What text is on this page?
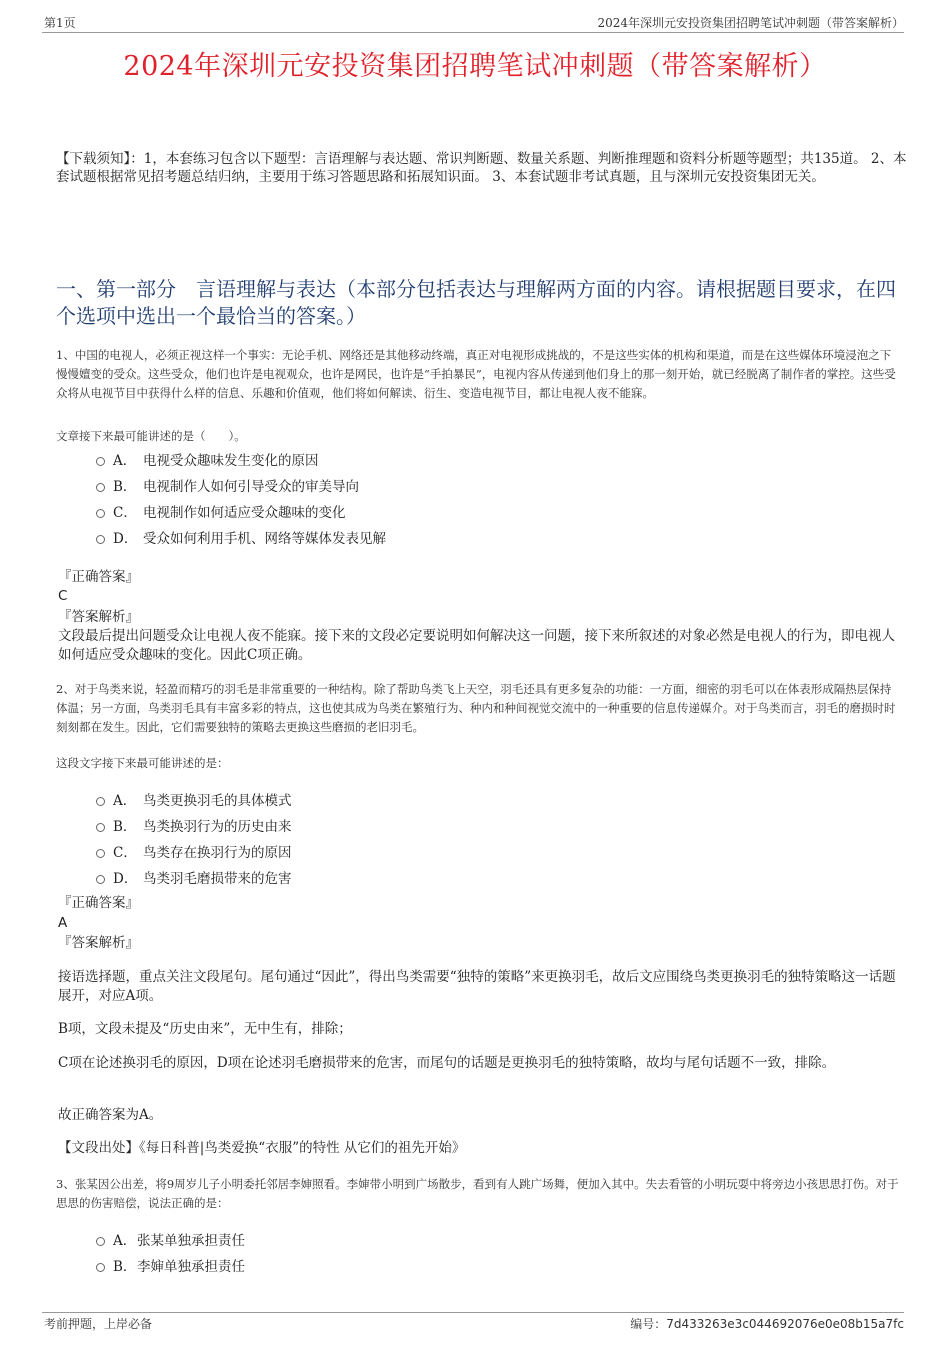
第1页	2024年深圳元安投资集团招聘笔试冲刺题（带答案解析）
2024年深圳元安投资集团招聘笔试冲刺题（带答案解析）
【下载须知】：1，本套练习包含以下题型：言语理解与表达题、常识判断题、数量关系题、判断推理题和资料分析题等题型；共135道。 2、本套试题根据常见招考题总结归纳，主要用于练习答题思路和拓展知识面。 3、本套试题非考试真题，且与深圳元安投资集团无关。
一、第一部分　言语理解与表达（本部分包括表达与理解两方面的内容。请根据题目要求，在四个选项中选出一个最恰当的答案。）
1、中国的电视人，必须正视这样一个事实：无论手机、网络还是其他移动终端，真正对电视形成挑战的，不是这些实体的机构和渠道，而是在这些媒体环境浸泡之下慢慢嬗变的受众。这些受众，他们也许是电视观众，也许是网民，也许是“手拍暴民”，电视内容从传递到他们身上的那一刻开始，就已经脱离了制作者的掌控。这些受众将从电视节目中获得什么样的信息、乐趣和价值观，他们将如何解读、衍生、变造电视节目，都让电视人夜不能寐。
文章接下来最可能讲述的是（　　）。
A． 电视受众趣味发生变化的原因
B． 电视制作人如何引导受众的审美导向
C． 电视制作如何适应受众趣味的变化
D． 受众如何利用手机、网络等媒体发表见解
『正确答案』
C
『答案解析』
文段最后提出问题受众让电视人夜不能寐。接下来的文段必定要说明如何解决这一问题，接下来所叙述的对象必然是电视人的行为，即电视人如何适应受众趣味的变化。因此C项正确。
2、对于鸟类来说，轻盈而精巧的羽毛是非常重要的一种结构。除了帮助鸟类飞上天空，羽毛还具有更多复杂的功能：一方面，细密的羽毛可以在体表形成隔热层保持体温；另一方面，鸟类羽毛具有丰富多彩的特点，这也使其成为鸟类在繁殖行为、种内和种间视觉交流中的一种重要的信息传递媒介。对于鸟类而言，羽毛的磨损时时刻刻都在发生。因此，它们需要独特的策略去更换这些磨损的老旧羽毛。
这段文字接下来最可能讲述的是：
A． 鸟类更换羽毛的具体模式
B． 鸟类换羽行为的历史由来
C． 鸟类存在换羽行为的原因
D． 鸟类羽毛磨损带来的危害
『正确答案』
A
『答案解析』
接语选择题，重点关注文段尾句。尾句通过“因此”，得出鸟类需要“独特的策略”来更换羽毛，故后文应围绕鸟类更换羽毛的独特策略这一话题展开，对应A项。
B项，文段未提及“历史由来”，无中生有，排除；
C项在论述换羽毛的原因，D项在论述羽毛磨损带来的危害，而尾句的话题是更换羽毛的独特策略，故均与尾句话题不一致，排除。
故正确答案为A。
【文段出处】《每日科普|鸟类爱换“衣服”的特性 从它们的祖先开始》
3、张某因公出差，将9周岁儿子小明委托邻居李婶照看。李婶带小明到广场散步，看到有人跳广场舞，便加入其中。失去看管的小明玩耍中将旁边小孩思思打伤。对于思思的伤害赔偿，说法正确的是：
A． 张某单独承担责任
B． 李婶单独承担责任
考前押题，上岸必备	编号：7d433263e3c044692076e0e08b15a7fc
